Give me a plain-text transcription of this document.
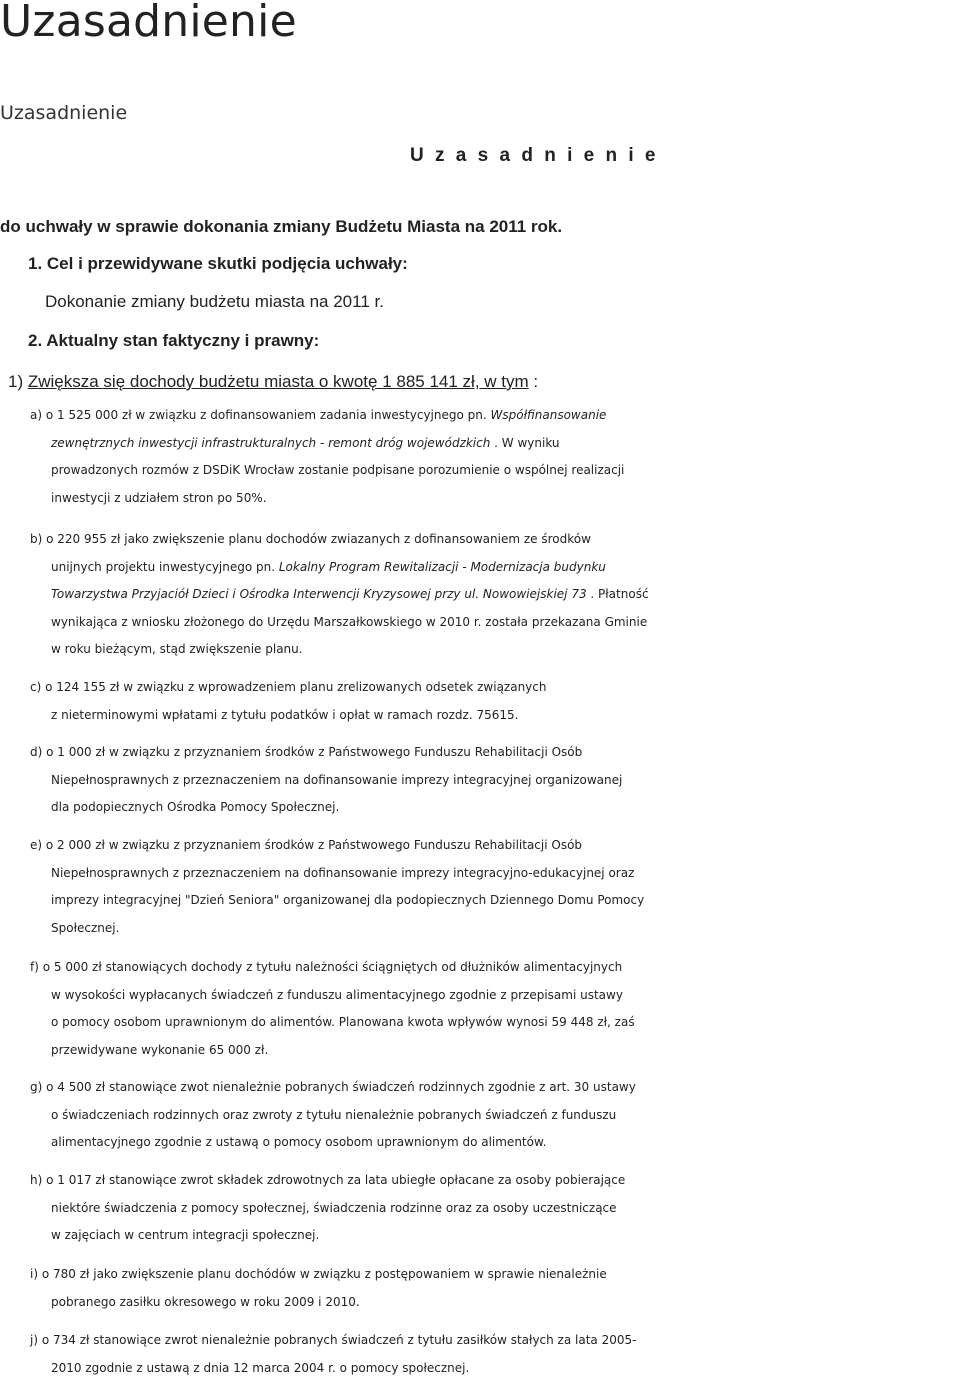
Uzasadnienie
Uzasadnienie
U z a s a d n i e n i e
do uchwały w sprawie dokonania zmiany Budżetu Miasta na 2011 rok.
1. Cel i przewidywane skutki podjęcia uchwały:
Dokonanie zmiany budżetu miasta na 2011 r.
2. Aktualny stan faktyczny i prawny:
1) Zwiększa się dochody budżetu miasta o kwotę 1 885 141 zł, w tym :
a) o 1 525 000 zł w związku z dofinansowaniem zadania inwestycyjnego pn. Współfinansowanie
zewnętrznych inwestycji infrastrukturalnych - remont dróg wojewódzkich . W wyniku
prowadzonych rozmów z DSDiK Wrocław zostanie podpisane porozumienie o wspólnej realizacji
inwestycji z udziałem stron po 50%.
b) o 220 955 zł jako zwiększenie planu dochodów zwiazanych z dofinansowaniem ze środków
unijnych projektu inwestycyjnego pn. Lokalny Program Rewitalizacji - Modernizacja budynku
Towarzystwa Przyjaciół Dzieci i Ośrodka Interwencji Kryzysowej przy ul. Nowowiejskiej 73 . Płatność
wynikająca z wniosku złożonego do Urzędu Marszałkowskiego w 2010 r. została przekazana Gminie
w roku bieżącym, stąd zwiększenie planu.
c) o 124 155 zł w związku z wprowadzeniem planu zrelizowanych odsetek związanych
z nieterminowymi wpłatami z tytułu podatków i opłat w ramach rozdz. 75615.
d) o 1 000 zł w związku z przyznaniem środków z Państwowego Funduszu Rehabilitacji Osób
Niepełnosprawnych z przeznaczeniem na dofinansowanie imprezy integracyjnej organizowanej
dla podopiecznych Ośrodka Pomocy Społecznej.
e) o 2 000 zł w związku z przyznaniem środków z Państwowego Funduszu Rehabilitacji Osób
Niepełnosprawnych z przeznaczeniem na dofinansowanie imprezy integracyjno-edukacyjnej oraz
imprezy integracyjnej "Dzień Seniora" organizowanej dla podopiecznych Dziennego Domu Pomocy
Społecznej.
f) o 5 000 zł stanowiących dochody z tytułu należności ściągniętych od dłużników alimentacyjnych
w wysokości wypłacanych świadczeń z funduszu alimentacyjnego zgodnie z przepisami ustawy
o pomocy osobom uprawnionym do alimentów. Planowana kwota wpływów wynosi 59 448 zł, zaś
przewidywane wykonanie 65 000 zł.
g) o 4 500 zł stanowiące zwot nienależnie pobranych świadczeń rodzinnych zgodnie z art. 30 ustawy
o świadczeniach rodzinnych oraz zwroty z tytułu nienależnie pobranych świadczeń z funduszu
alimentacyjnego zgodnie z ustawą o pomocy osobom uprawnionym do alimentów.
h) o 1 017 zł stanowiące zwrot składek zdrowotnych za lata ubiegłe opłacane za osoby pobierające
niektóre świadczenia z pomocy społecznej, świadczenia rodzinne oraz za osoby uczestniczące
w zajęciach w centrum integracji społecznej.
i) o 780 zł jako zwiększenie planu dochódów w związku z postępowaniem w sprawie nienależnie
pobranego zasiłku okresowego w roku 2009 i 2010.
j) o 734 zł stanowiące zwrot nienależnie pobranych świadczeń z tytułu zasiłków stałych za lata 2005-
2010 zgodnie z ustawą z dnia 12 marca 2004 r. o pomocy społecznej.
